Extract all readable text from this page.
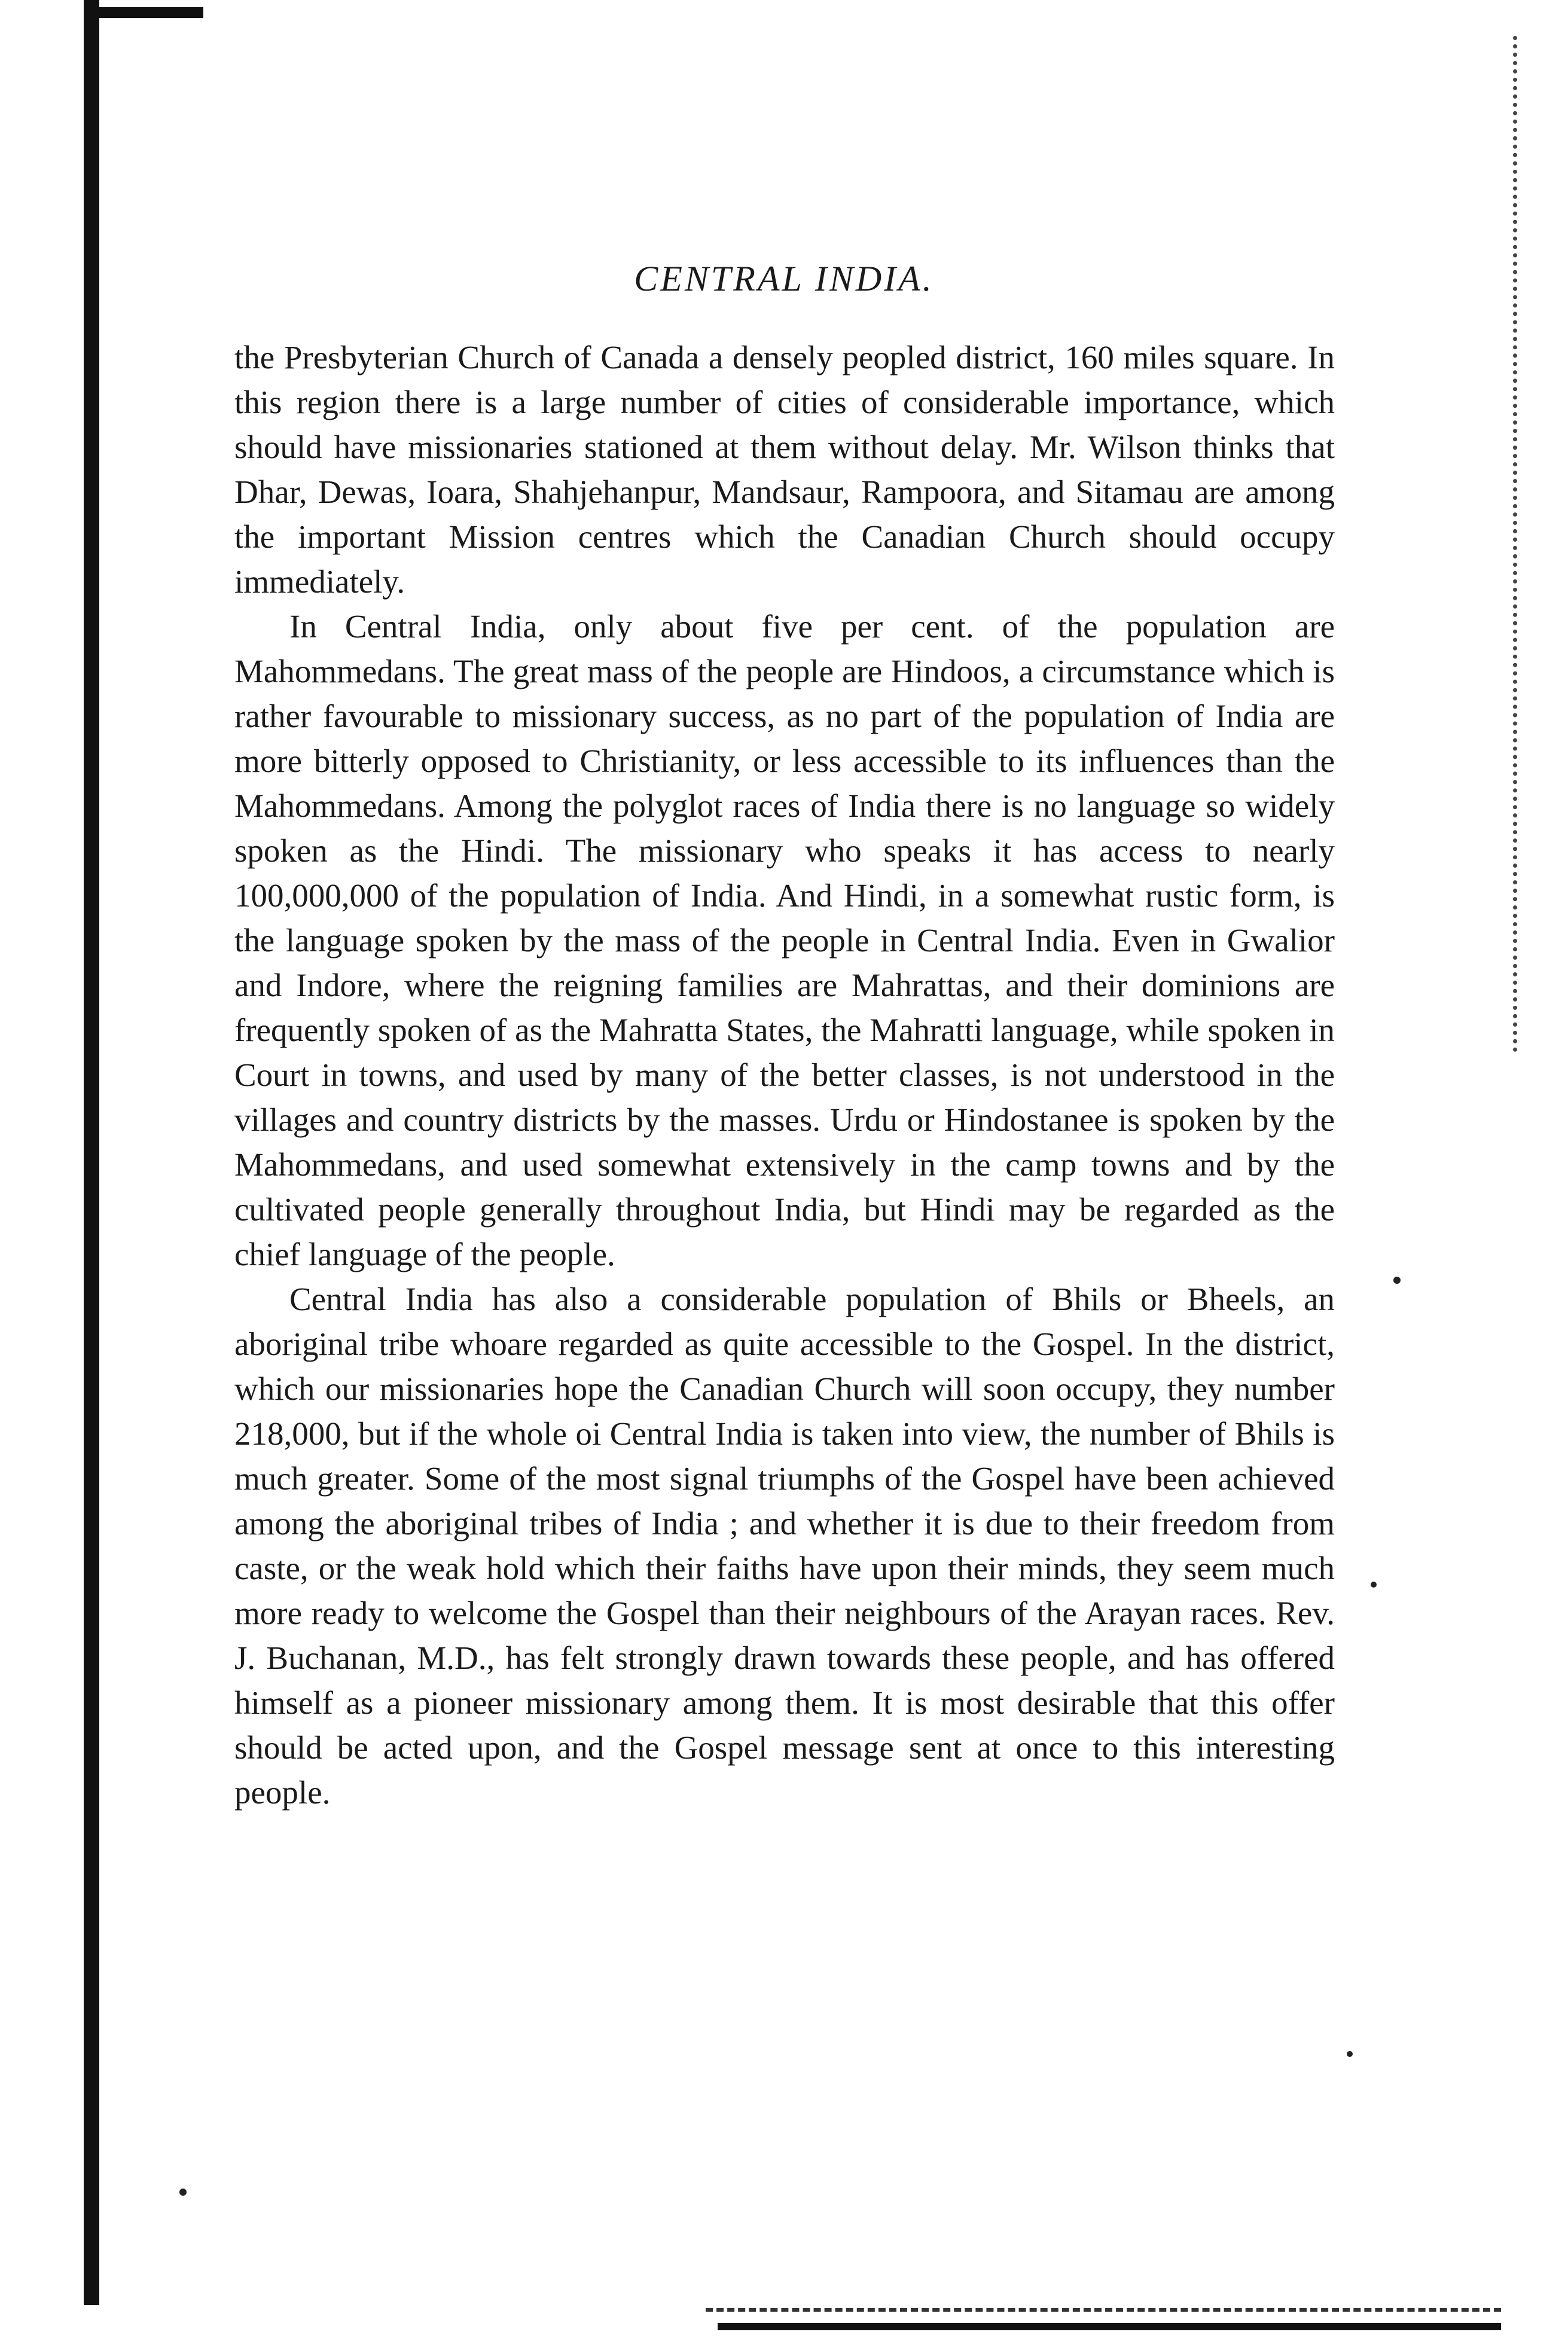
CENTRAL INDIA.

the Presbyterian Church of Canada a densely peopled district, 160 miles square. In this region there is a large number of cities of considerable importance, which should have missionaries stationed at them without delay. Mr. Wilson thinks that Dhar, Dewas, Ioara, Shahjehanpur, Mandsaur, Rampoora, and Sitamau are among the important Mission centres which the Canadian Church should occupy immediately.

In Central India, only about five per cent. of the population are Mahommedans. The great mass of the people are Hindoos, a circumstance which is rather favourable to missionary success, as no part of the population of India are more bitterly opposed to Christianity, or less accessible to its influences than the Mahommedans. Among the polyglot races of India there is no language so widely spoken as the Hindi. The missionary who speaks it has access to nearly 100,000,000 of the population of India. And Hindi, in a somewhat rustic form, is the language spoken by the mass of the people in Central India. Even in Gwalior and Indore, where the reigning families are Mahrattas, and their dominions are frequently spoken of as the Mahratta States, the Mahratti language, while spoken in Court in towns, and used by many of the better classes, is not understood in the villages and country districts by the masses. Urdu or Hindostanee is spoken by the Mahommedans, and used somewhat extensively in the camp towns and by the cultivated people generally throughout India, but Hindi may be regarded as the chief language of the people.

Central India has also a considerable population of Bhils or Bheels, an aboriginal tribe whoare regarded as quite accessible to the Gospel. In the district, which our missionaries hope the Canadian Church will soon occupy, they number 218,000, but if the whole oi Central India is taken into view, the number of Bhils is much greater. Some of the most signal triumphs of the Gospel have been achieved among the aboriginal tribes of India ; and whether it is due to their freedom from caste, or the weak hold which their faiths have upon their minds, they seem much more ready to welcome the Gospel than their neighbours of the Arayan races. Rev. J. Buchanan, M.D., has felt strongly drawn towards these people, and has offered himself as a pioneer missionary among them. It is most desirable that this offer should be acted upon, and the Gospel message sent at once to this interesting people.
